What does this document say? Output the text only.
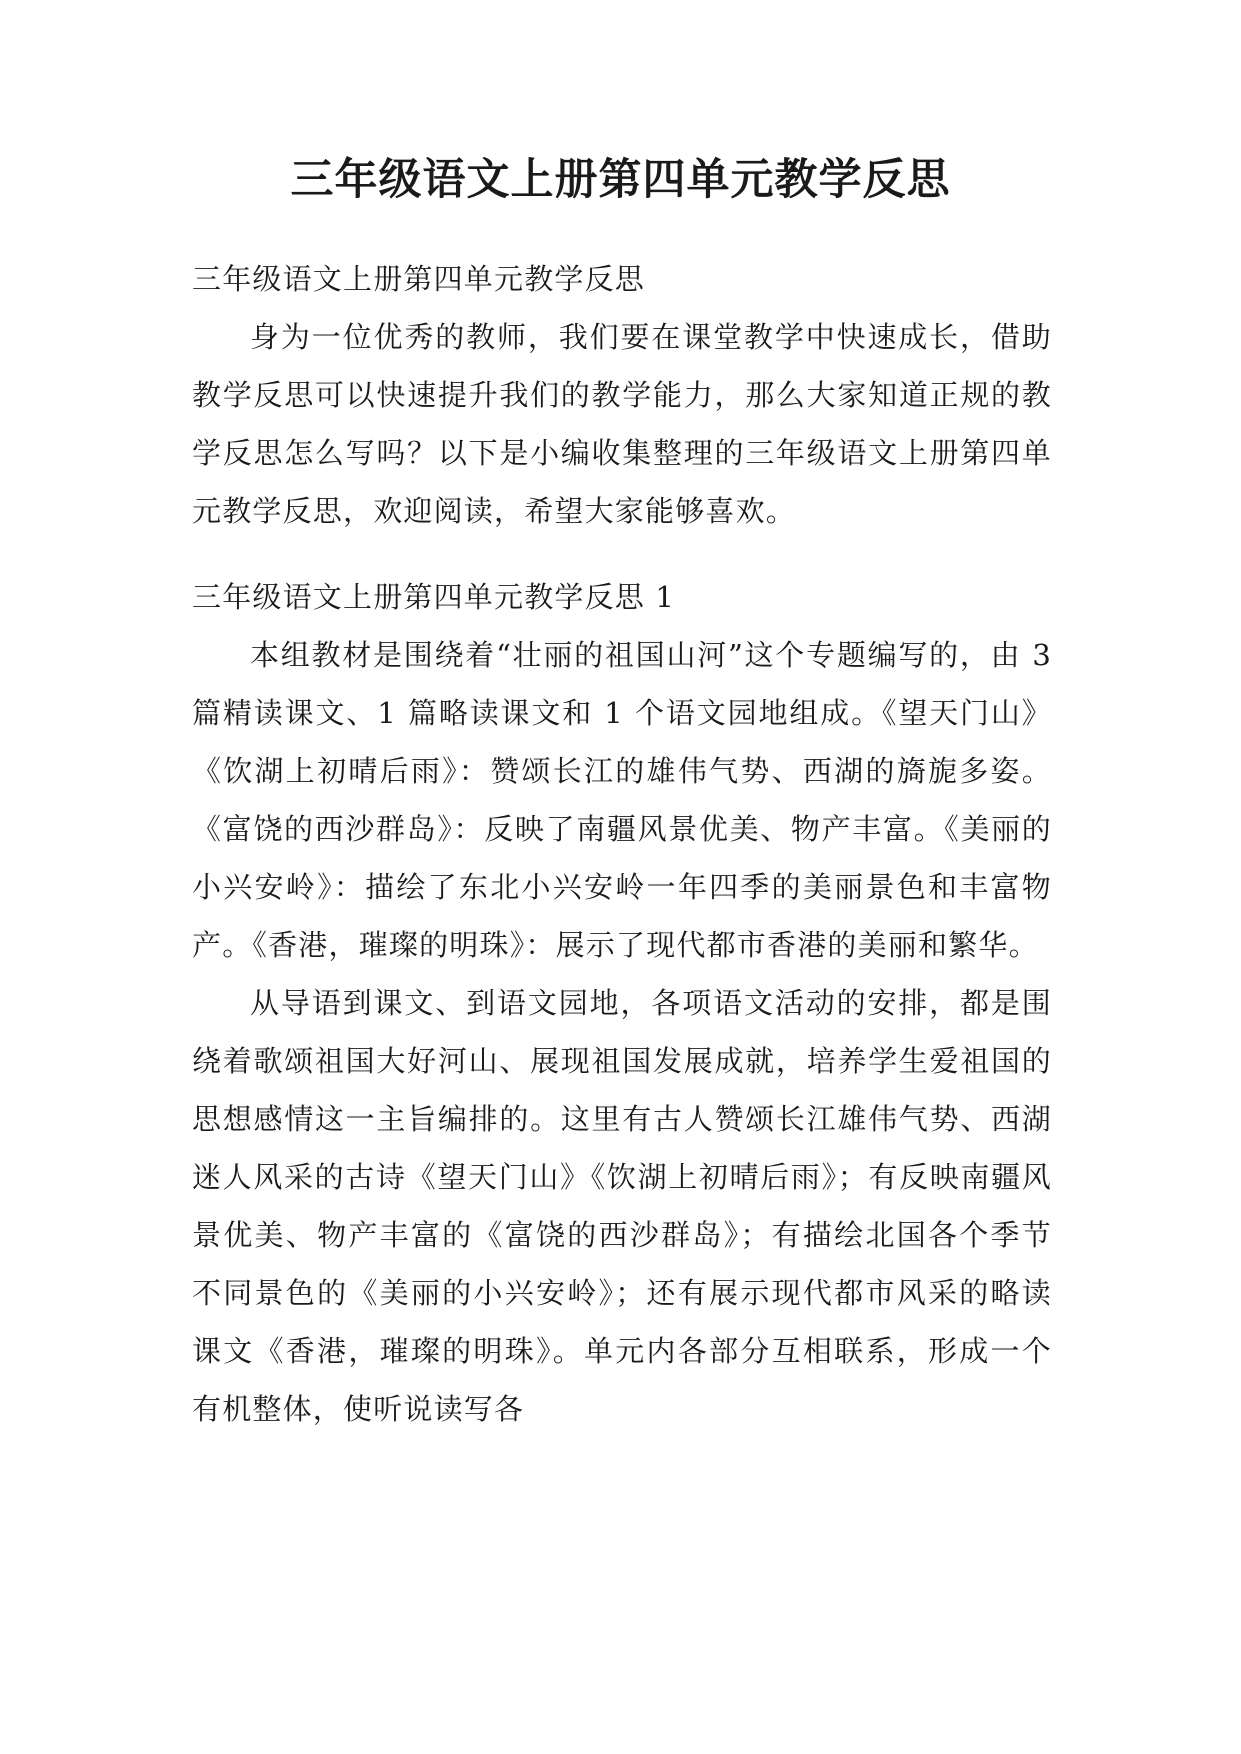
三年级语文上册第四单元教学反思

三年级语文上册第四单元教学反思

身为一位优秀的教师，我们要在课堂教学中快速成长，借助教学反思可以快速提升我们的教学能力，那么大家知道正规的教学反思怎么写吗？以下是小编收集整理的三年级语文上册第四单元教学反思，欢迎阅读，希望大家能够喜欢。

三年级语文上册第四单元教学反思 1

本组教材是围绕着“壮丽的祖国山河”这个专题编写的，由 3 篇精读课文、1 篇略读课文和 1 个语文园地组成。《望天门山》《饮湖上初晴后雨》：赞颂长江的雄伟气势、西湖的旖旎多姿。《富饶的西沙群岛》：反映了南疆风景优美、物产丰富。《美丽的小兴安岭》：描绘了东北小兴安岭一年四季的美丽景色和丰富物产。《香港，璀璨的明珠》：展示了现代都市香港的美丽和繁华。

从导语到课文、到语文园地，各项语文活动的安排，都是围绕着歌颂祖国大好河山、展现祖国发展成就，培养学生爱祖国的思想感情这一主旨编排的。这里有古人赞颂长江雄伟气势、西湖迷人风采的古诗《望天门山》《饮湖上初晴后雨》；有反映南疆风景优美、物产丰富的《富饶的西沙群岛》；有描绘北国各个季节不同景色的《美丽的小兴安岭》；还有展示现代都市风采的略读课文《香港，璀璨的明珠》。单元内各部分互相联系，形成一个有机整体，使听说读写各
